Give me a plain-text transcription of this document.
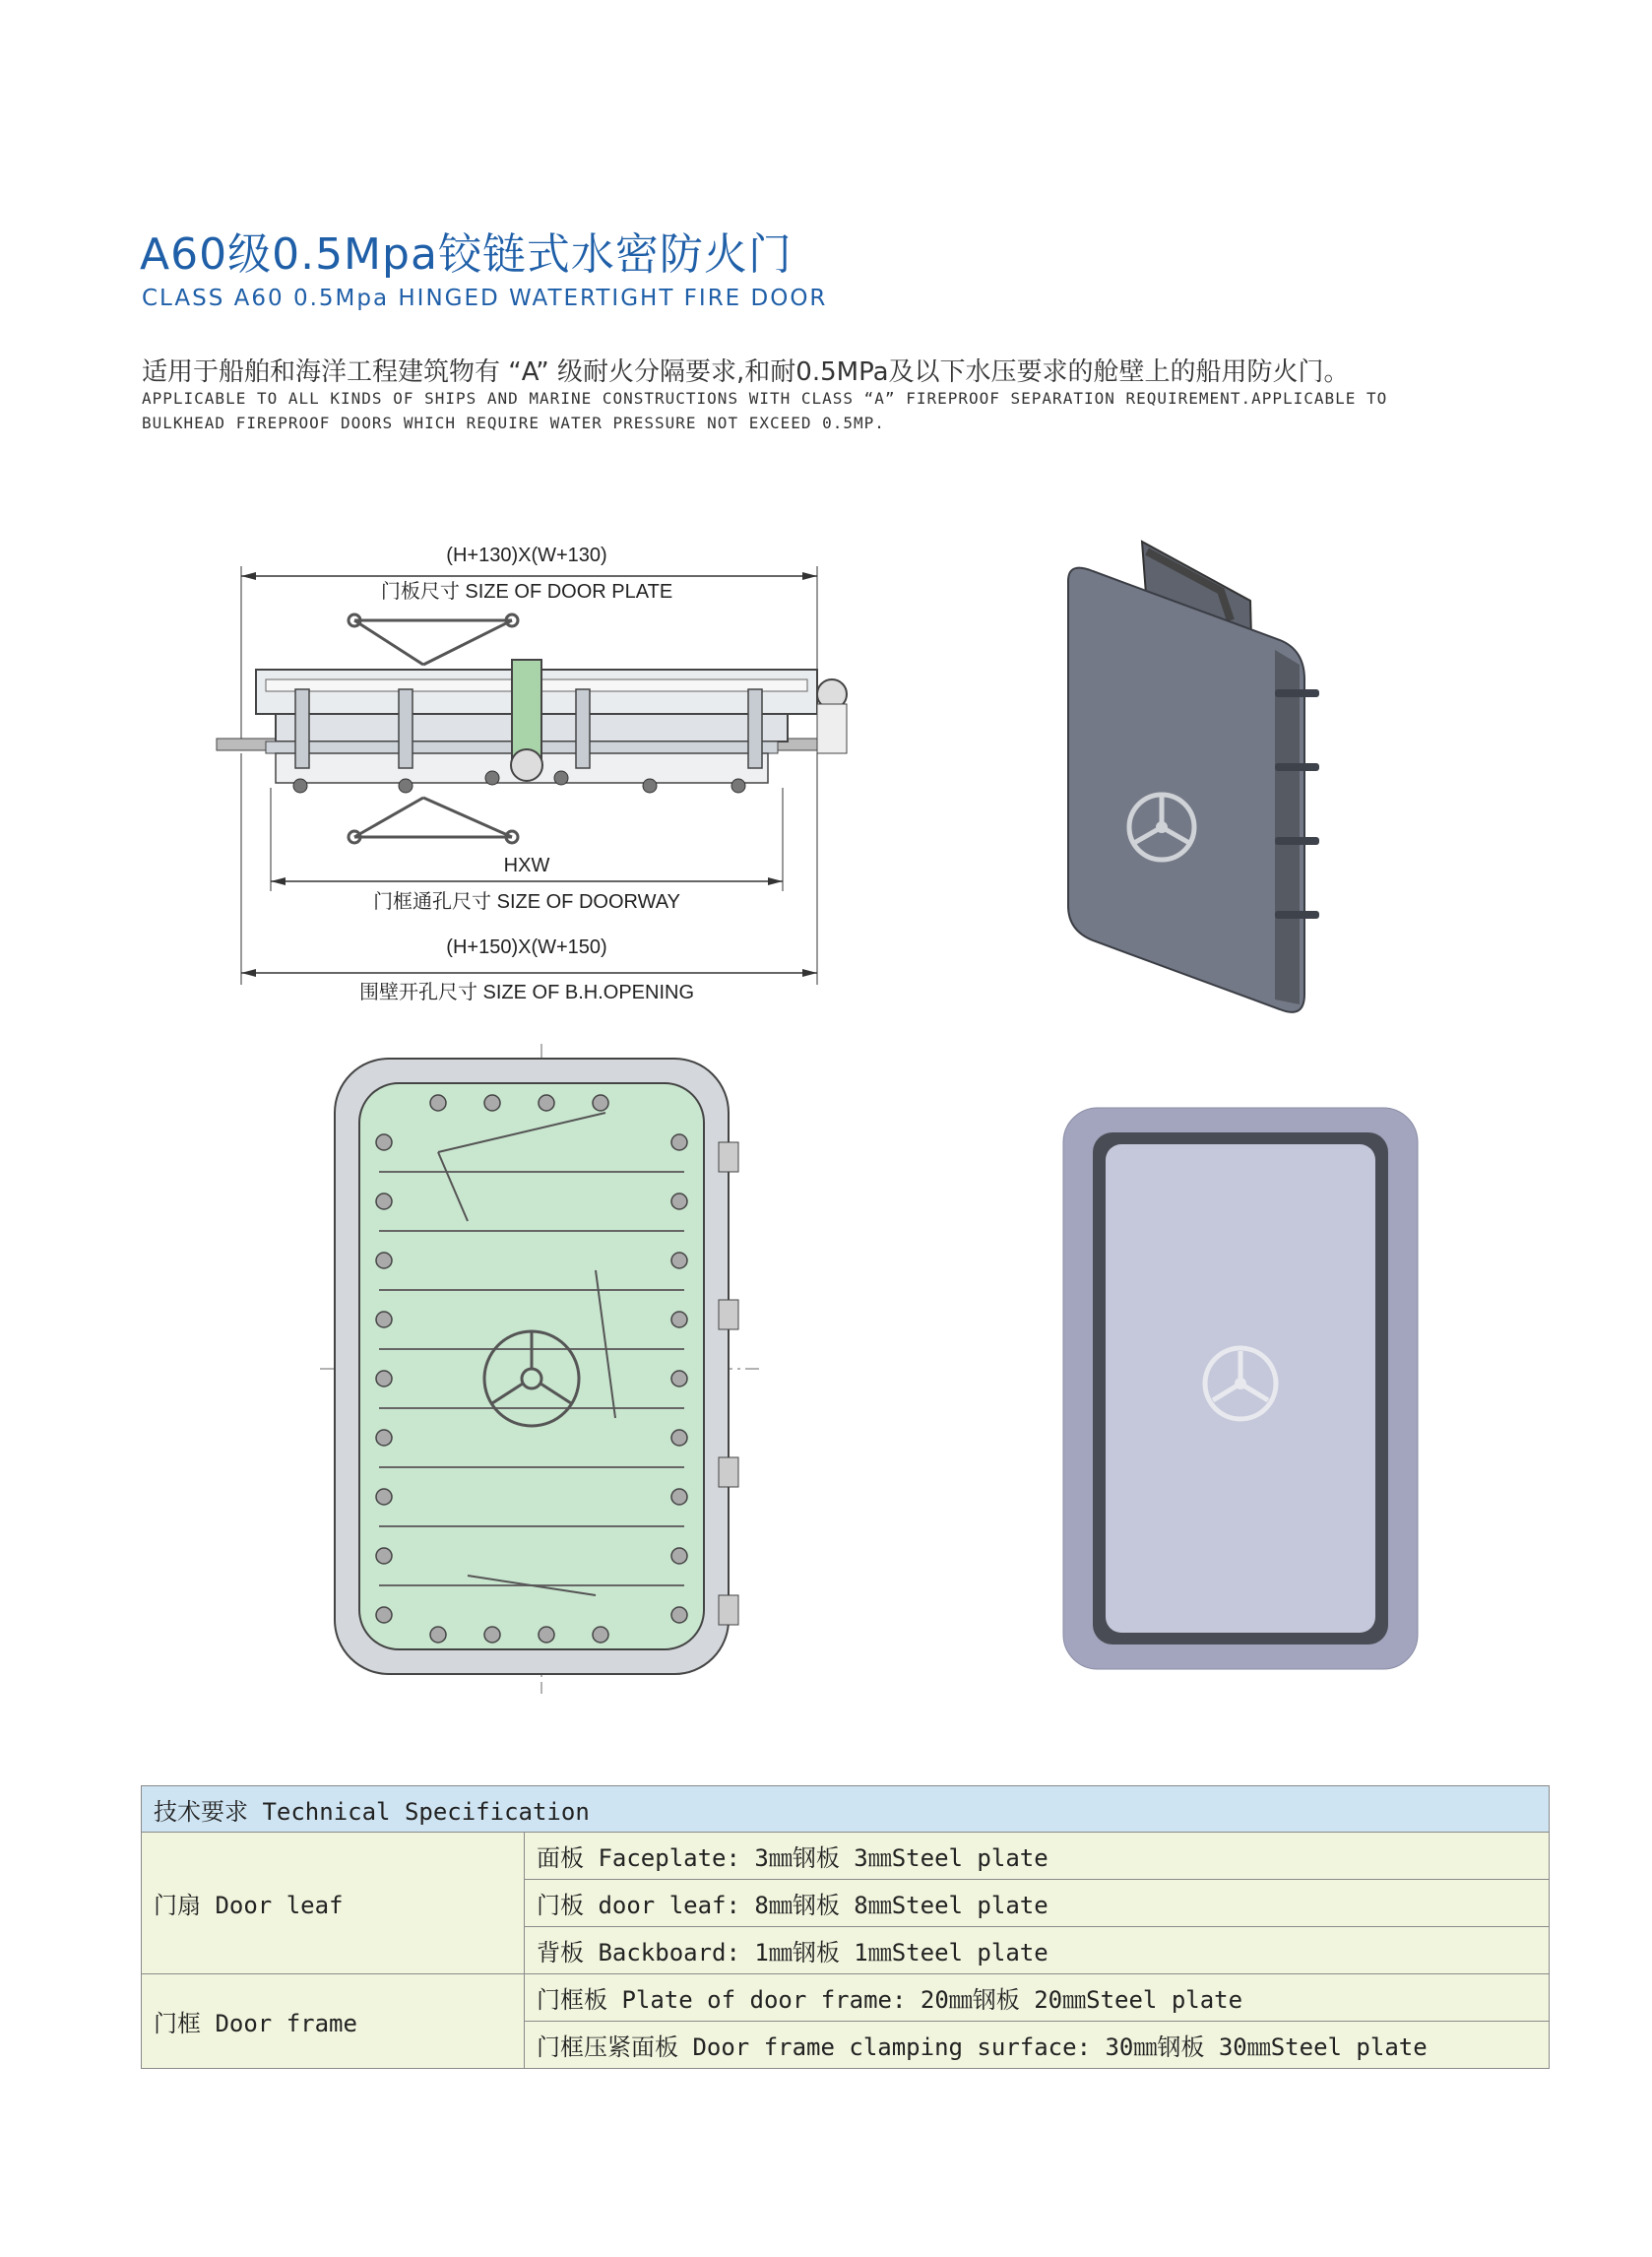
A60级0.5Mpa铰链式水密防火门
CLASS A60 0.5Mpa HINGED WATERTIGHT FIRE DOOR
适用于船舶和海洋工程建筑物有 “A” 级耐火分隔要求,和耐0.5MPa及以下水压要求的舱壁上的船用防火门。
APPLICABLE TO ALL KINDS OF SHIPS AND MARINE CONSTRUCTIONS WITH CLASS “A” FIREPROOF SEPARATION REQUIREMENT.APPLICABLE TO
BULKHEAD FIREPROOF DOORS WHICH REQUIRE WATER PRESSURE NOT EXCEED 0.5MP.
(H+130)X(W+130)
门板尺寸 SIZE OF DOOR PLATE
HXW
门框通孔尺寸 SIZE OF DOORWAY
(H+150)X(W+150)
围壁开孔尺寸 SIZE OF B.H.OPENING
技术要求 Technical Specification	
门扇 Door leaf	面板 Faceplate: 3㎜钢板 3㎜Steel plate
	门板 door leaf: 8㎜钢板 8㎜Steel plate
	背板 Backboard: 1㎜钢板 1㎜Steel plate
门框 Door frame	门框板 Plate of door frame: 20㎜钢板 20㎜Steel plate
	门框压紧面板 Door frame clamping surface: 30㎜钢板 30㎜Steel plate
